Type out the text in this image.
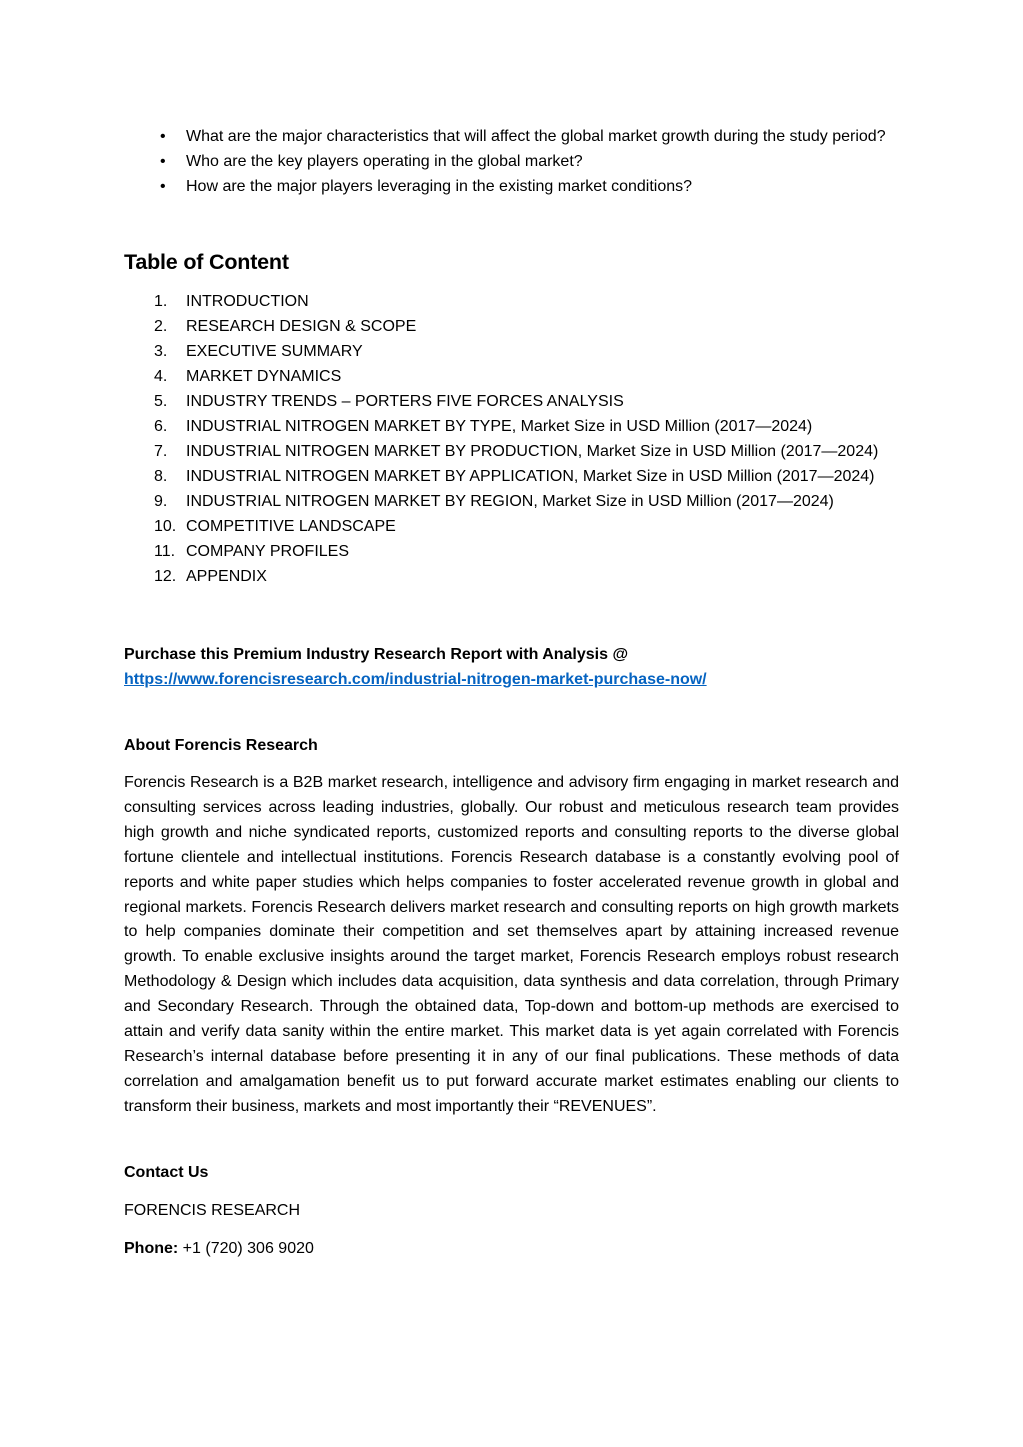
• What are the major characteristics that will affect the global market growth during the study period?
• Who are the key players operating in the global market?
• How are the major players leveraging in the existing market conditions?
Table of Content
1. INTRODUCTION
2. RESEARCH DESIGN & SCOPE
3. EXECUTIVE SUMMARY
4. MARKET DYNAMICS
5. INDUSTRY TRENDS – PORTERS FIVE FORCES ANALYSIS
6. INDUSTRIAL NITROGEN MARKET BY TYPE, Market Size in USD Million (2017—2024)
7. INDUSTRIAL NITROGEN MARKET BY PRODUCTION, Market Size in USD Million (2017—2024)
8. INDUSTRIAL NITROGEN MARKET BY APPLICATION, Market Size in USD Million (2017—2024)
9. INDUSTRIAL NITROGEN MARKET BY REGION, Market Size in USD Million (2017—2024)
10. COMPETITIVE LANDSCAPE
11. COMPANY PROFILES
12. APPENDIX
Purchase this Premium Industry Research Report with Analysis @
https://www.forencisresearch.com/industrial-nitrogen-market-purchase-now/
About Forencis Research

Forencis Research is a B2B market research, intelligence and advisory firm engaging in market research and consulting services across leading industries, globally. Our robust and meticulous research team provides high growth and niche syndicated reports, customized reports and consulting reports to the diverse global fortune clientele and intellectual institutions. Forencis Research database is a constantly evolving pool of reports and white paper studies which helps companies to foster accelerated revenue growth in global and regional markets. Forencis Research delivers market research and consulting reports on high growth markets to help companies dominate their competition and set themselves apart by attaining increased revenue growth. To enable exclusive insights around the target market, Forencis Research employs robust research Methodology & Design which includes data acquisition, data synthesis and data correlation, through Primary and Secondary Research. Through the obtained data, Top-down and bottom-up methods are exercised to attain and verify data sanity within the entire market. This market data is yet again correlated with Forencis Research’s internal database before presenting it in any of our final publications. These methods of data correlation and amalgamation benefit us to put forward accurate market estimates enabling our clients to transform their business, markets and most importantly their “REVENUES”.

Contact Us
FORENCIS RESEARCH
Phone: +1 (720) 306 9020
